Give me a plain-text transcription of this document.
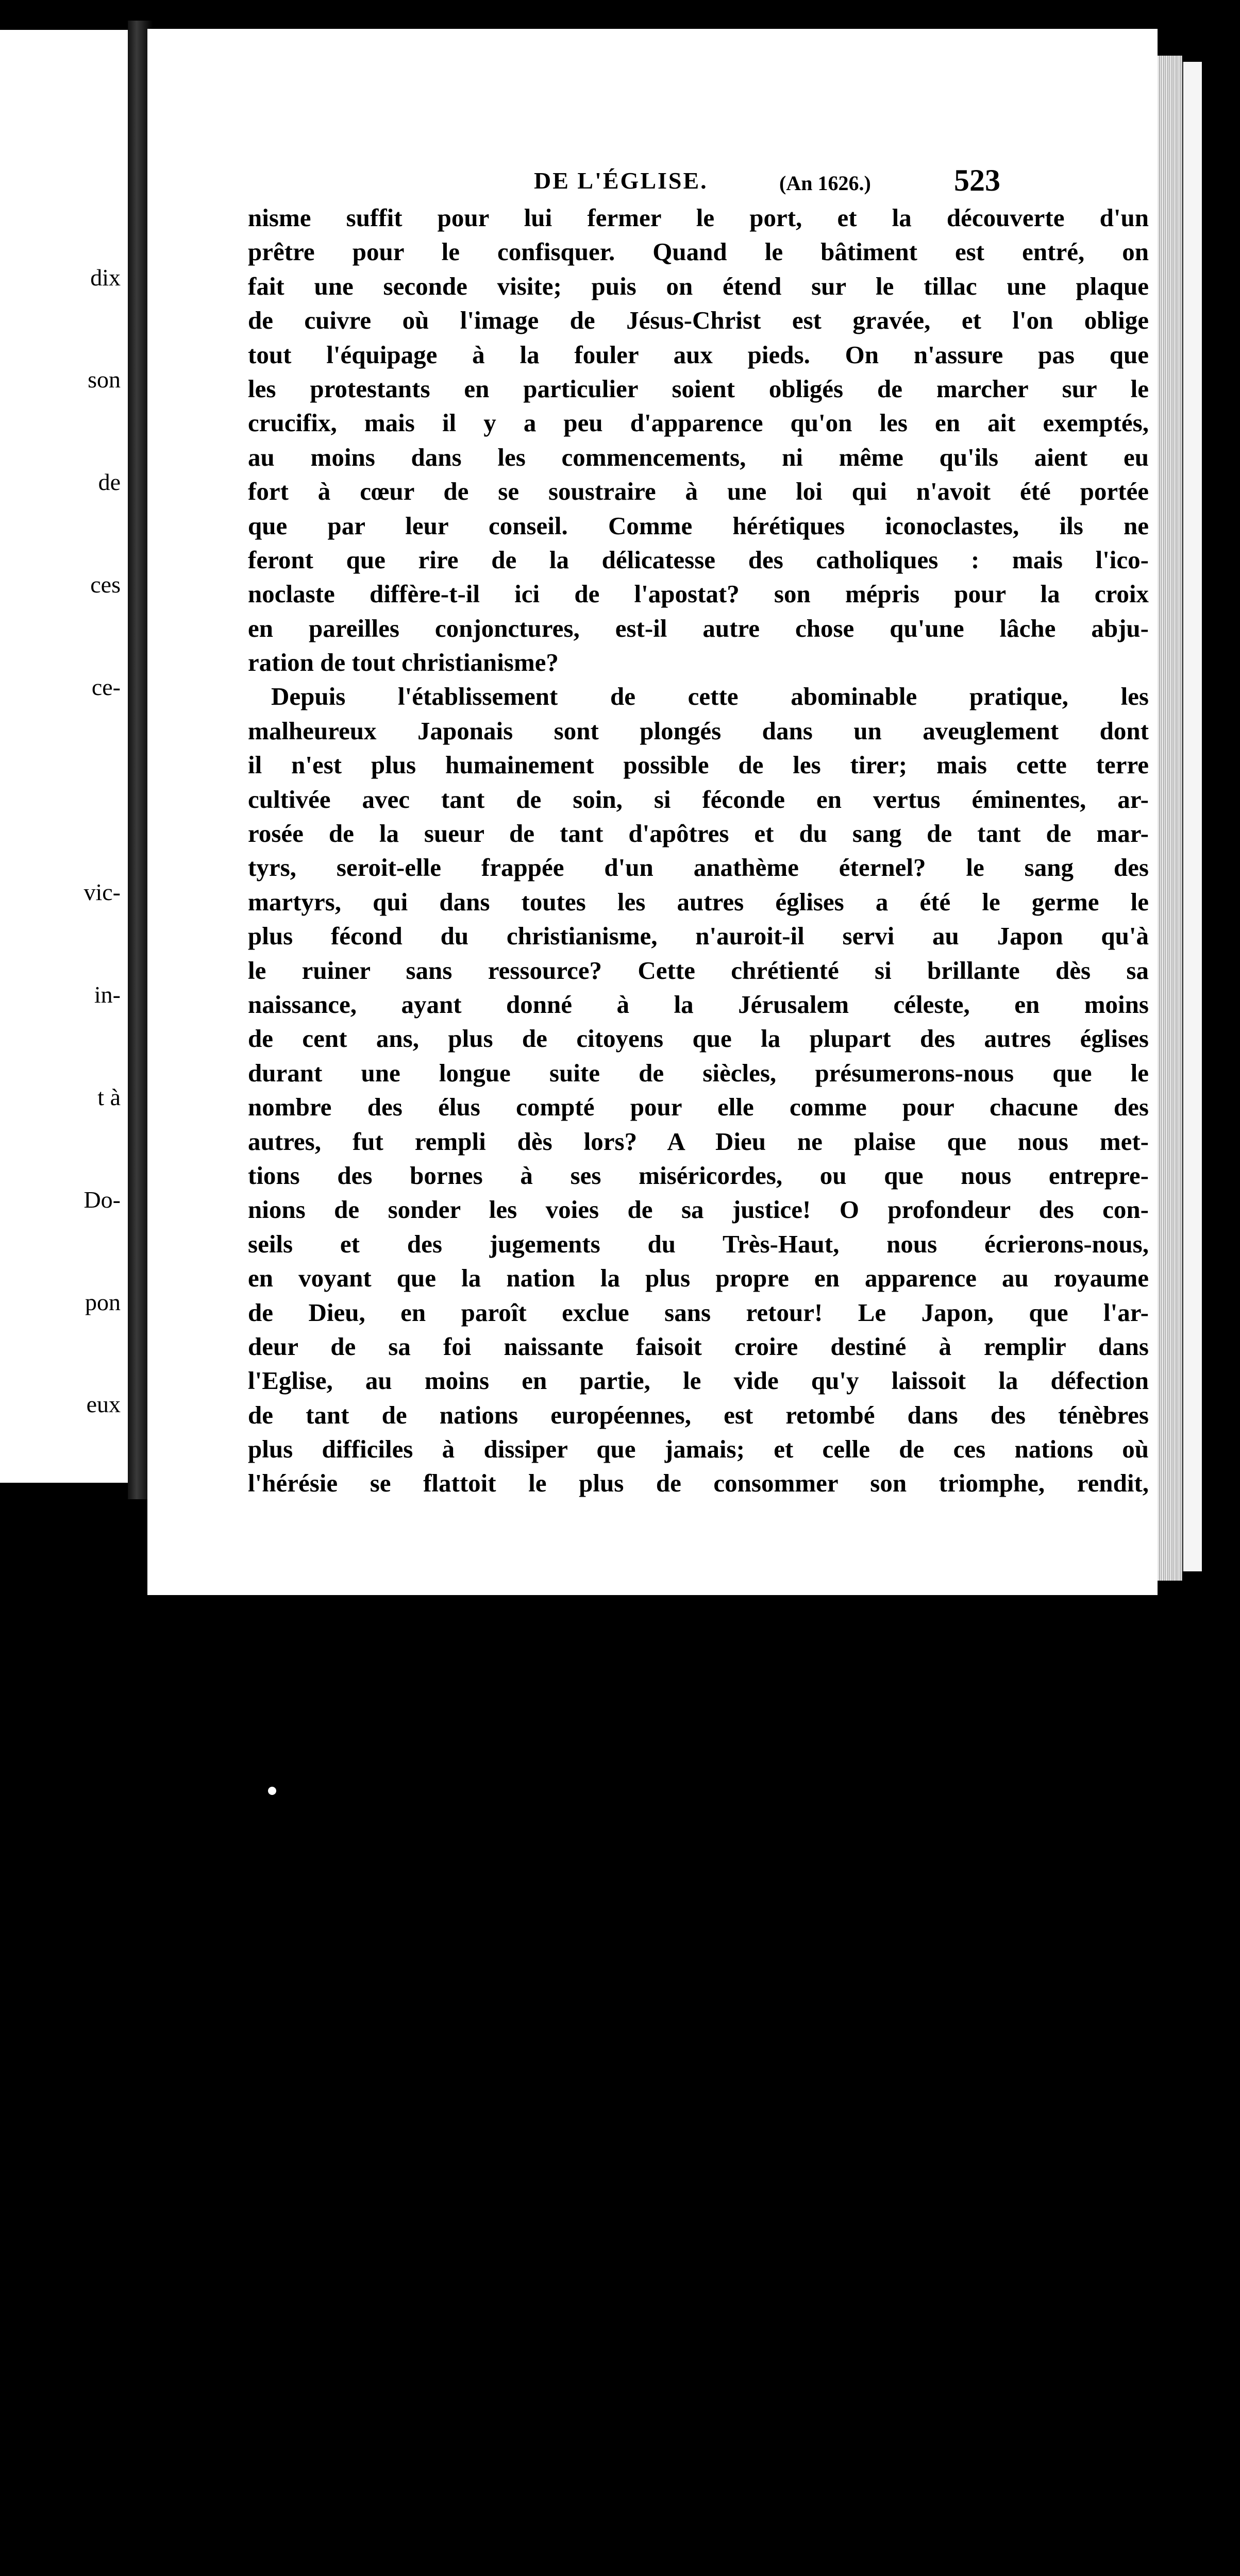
dix

son

de

ces

ce-

vic-

in-

t à

Do-

pon

eux

eurs

gé-

este

ou-

aris-

i , à

a re-

uré-

aints

chez

uro-

DE L'ÉGLISE.	(An 1626.)	523
nisme suffit pour lui fermer le port, et la découverte d'un
prêtre pour le confisquer. Quand le bâtiment est entré, on
fait une seconde visite; puis on étend sur le tillac une plaque
de cuivre où l'image de Jésus-Christ est gravée, et l'on oblige
tout l'équipage à la fouler aux pieds. On n'assure pas que
les protestants en particulier soient obligés de marcher sur le
crucifix, mais il y a peu d'apparence qu'on les en ait exemptés,
au moins dans les commencements, ni même qu'ils aient eu
fort à cœur de se soustraire à une loi qui n'avoit été portée
que par leur conseil. Comme hérétiques iconoclastes, ils ne
feront que rire de la délicatesse des catholiques : mais l'ico-
noclaste diffère-t-il ici de l'apostat? son mépris pour la croix
en pareilles conjonctures, est-il autre chose qu'une lâche abju-
ration de tout christianisme?
Depuis l'établissement de cette abominable pratique, les
malheureux Japonais sont plongés dans un aveuglement dont
il n'est plus humainement possible de les tirer; mais cette terre
cultivée avec tant de soin, si féconde en vertus éminentes, ar-
rosée de la sueur de tant d'apôtres et du sang de tant de mar-
tyrs, seroit-elle frappée d'un anathème éternel? le sang des
martyrs, qui dans toutes les autres églises a été le germe le
plus fécond du christianisme, n'auroit-il servi au Japon qu'à
le ruiner sans ressource? Cette chrétienté si brillante dès sa
naissance, ayant donné à la Jérusalem céleste, en moins
de cent ans, plus de citoyens que la plupart des autres églises
durant une longue suite de siècles, présumerons-nous que le
nombre des élus compté pour elle comme pour chacune des
autres, fut rempli dès lors? A Dieu ne plaise que nous met-
tions des bornes à ses miséricordes, ou que nous entrepre-
nions de sonder les voies de sa justice! O profondeur des con-
seils et des jugements du Très-Haut, nous écrierons-nous,
en voyant que la nation la plus propre en apparence au royaume
de Dieu, en paroît exclue sans retour! Le Japon, que l'ar-
deur de sa foi naissante faisoit croire destiné à remplir dans
l'Eglise, au moins en partie, le vide qu'y laissoit la défection
de tant de nations européennes, est retombé dans des ténèbres
plus difficiles à dissiper que jamais; et celle de ces nations où
l'hérésie se flattoit le plus de consommer son triomphe, rendit,
